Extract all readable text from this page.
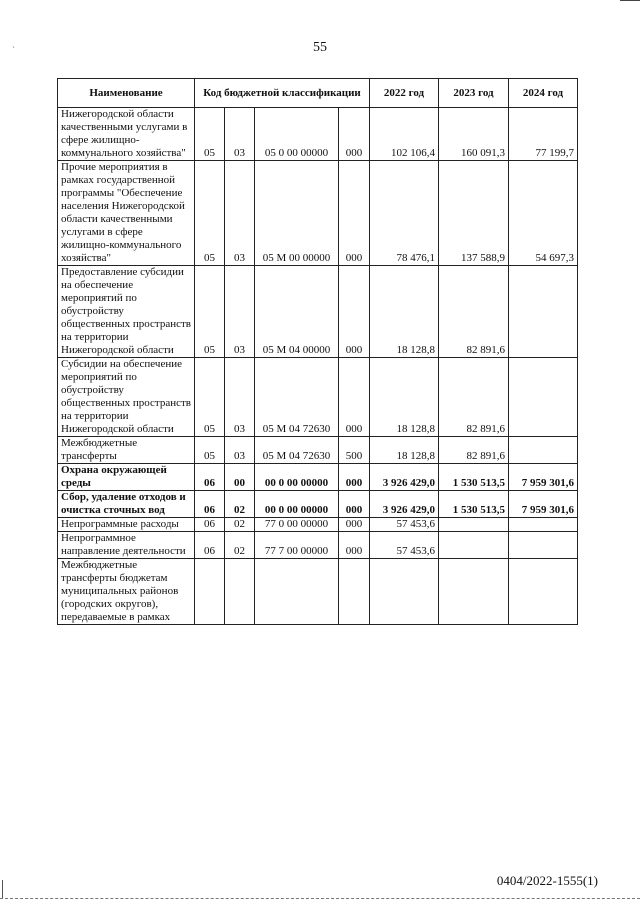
`	55
Наименование	Код бюджетной классификации				2022 год	2023 год	2024 год
Нижегородской области качественными услугами в сфере жилищно-коммунального хозяйства"	05	03	05 0 00 00000	000	102 106,4	160 091,3	77 199,7
Прочие мероприятия в рамках государственной программы "Обеспечение населения Нижегородской области качественными услугами в сфере жилищно-коммунального хозяйства"	05	03	05 М 00 00000	000	78 476,1	137 588,9	54 697,3
Предоставление субсидии на обеспечение мероприятий по обустройству общественных пространств на территории Нижегородской области	05	03	05 М 04 00000	000	18 128,8	82 891,6	
Субсидии на обеспечение мероприятий по обустройству общественных пространств на территории Нижегородской области	05	03	05 М 04 72630	000	18 128,8	82 891,6	
Межбюджетные трансферты	05	03	05 М 04 72630	500	18 128,8	82 891,6	
Охрана окружающей среды	06	00	00 0 00 00000	000	3 926 429,0	1 530 513,5	7 959 301,6
Сбор, удаление отходов и очистка сточных вод	06	02	00 0 00 00000	000	3 926 429,0	1 530 513,5	7 959 301,6
Непрограммные расходы	06	02	77 0 00 00000	000	57 453,6		
Непрограммное направление деятельности	06	02	77 7 00 00000	000	57 453,6		
Межбюджетные трансферты бюджетам муниципальных районов (городских округов), передаваемые в рамках							
0404/2022-1555(1)
